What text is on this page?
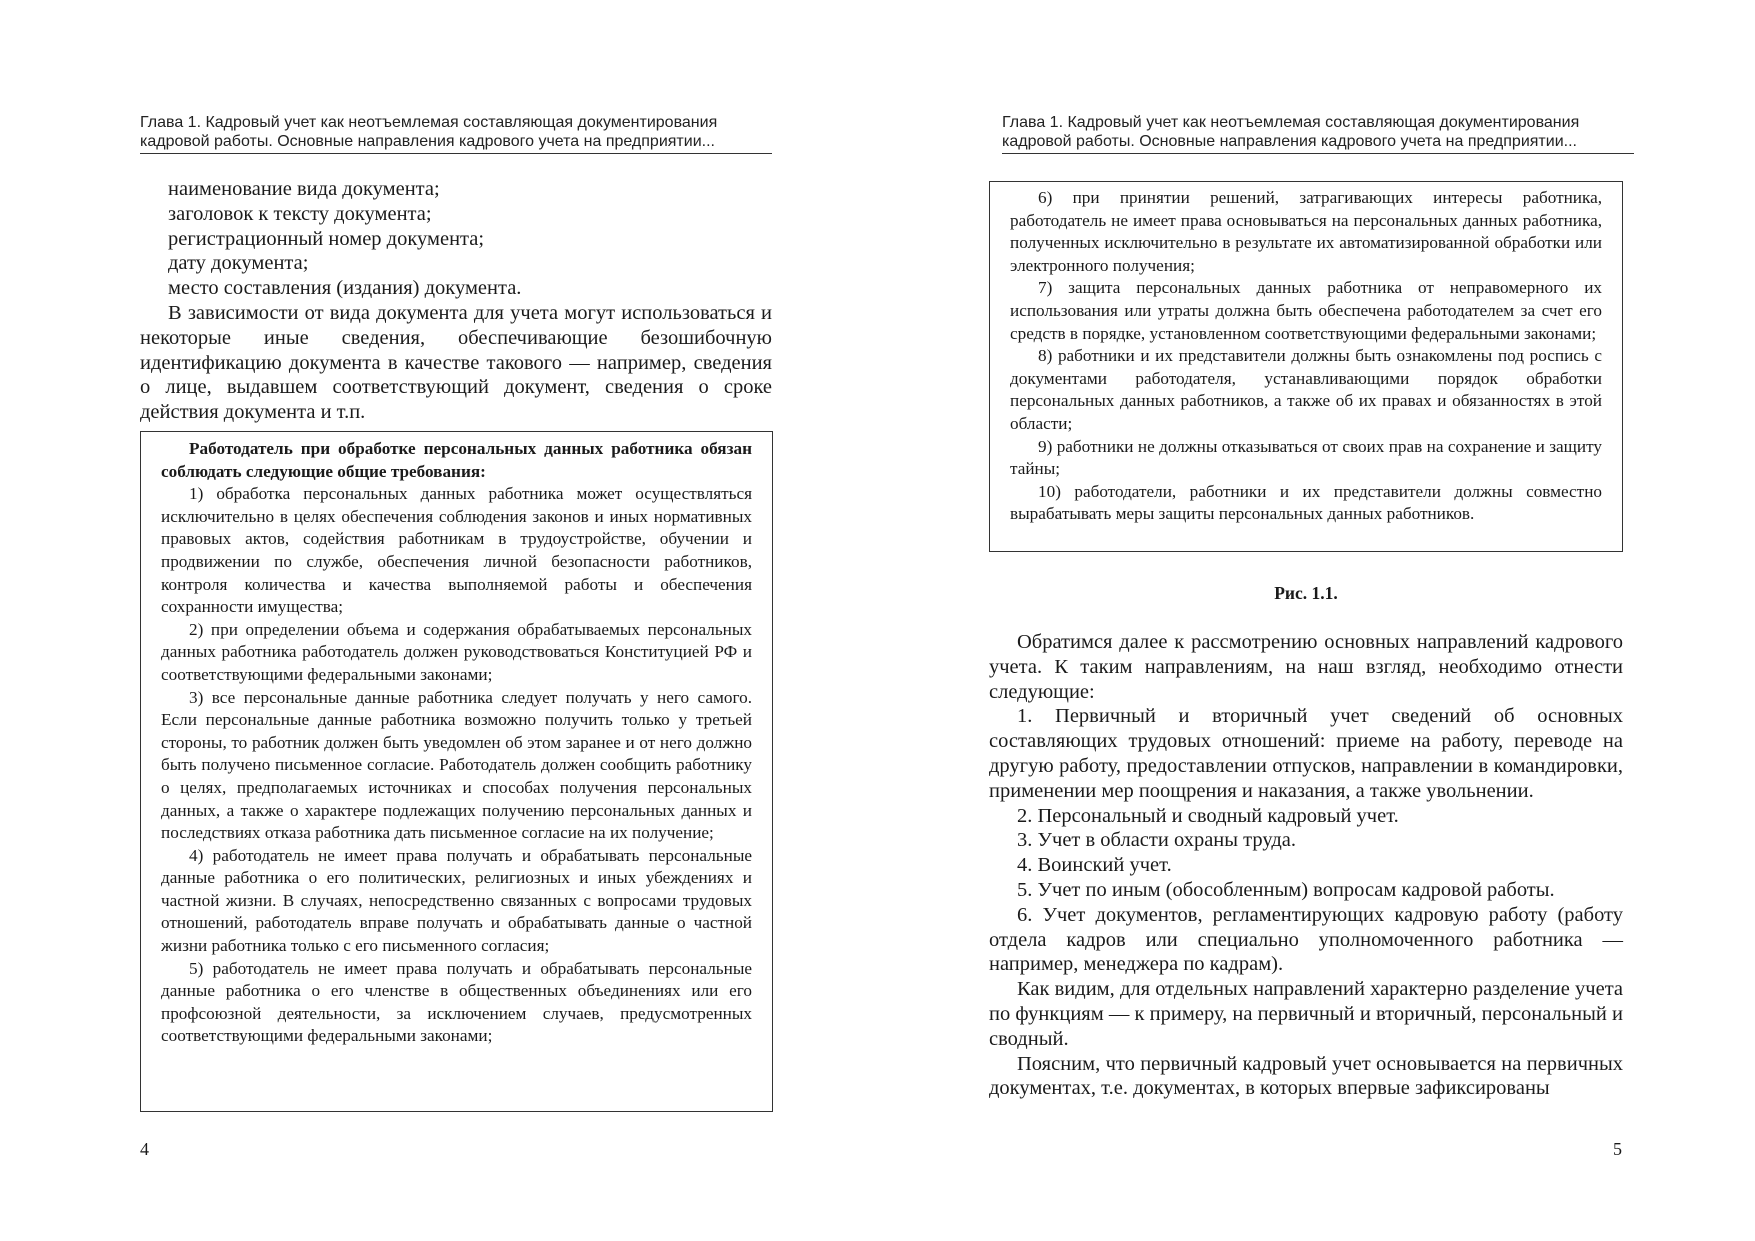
Глава 1. Кадровый учет как неотъемлемая составляющая документирования
кадровой работы. Основные направления кадрового учета на предприятии...

наименование вида документа;

заголовок к тексту документа;

регистрационный номер документа;

дату документа;

место составления (издания) документа.

В зависимости от вида документа для учета могут использоваться и некоторые иные сведения, обеспечивающие безошибочную идентификацию документа в качестве такового — например, сведения о лице, выдавшем соответствующий документ, сведения о сроке действия документа и т.п.

Работодатель при обработке персональных данных работника обязан соблюдать следующие общие требования:

1) обработка персональных данных работника может осуществляться исключительно в целях обеспечения соблюдения законов и иных нормативных правовых актов, содействия работникам в трудоустройстве, обучении и продвижении по службе, обеспечения личной безопасности работников, контроля количества и качества выполняемой работы и обеспечения сохранности имущества;

2) при определении объема и содержания обрабатываемых персональных данных работника работодатель должен руководствоваться Конституцией РФ и соответствующими федеральными законами;

3) все персональные данные работника следует получать у него самого. Если персональные данные работника возможно получить только у третьей стороны, то работник должен быть уведомлен об этом заранее и от него должно быть получено письменное согласие. Работодатель должен сообщить работнику о целях, предполагаемых источниках и способах получения персональных данных, а также о характере подлежащих получению персональных данных и последствиях отказа работника дать письменное согласие на их получение;

4) работодатель не имеет права получать и обрабатывать персональные данные работника о его политических, религиозных и иных убеждениях и частной жизни. В случаях, непосредственно связанных с вопросами трудовых отношений, работодатель вправе получать и обрабатывать данные о частной жизни работника только с его письменного согласия;

5) работодатель не имеет права получать и обрабатывать персональные данные работника о его членстве в общественных объединениях или его профсоюзной деятельности, за исключением случаев, предусмотренных соответствующими федеральными законами;

4
Глава 1. Кадровый учет как неотъемлемая составляющая документирования
кадровой работы. Основные направления кадрового учета на предприятии...

6) при принятии решений, затрагивающих интересы работника, работодатель не имеет права основываться на персональных данных работника, полученных исключительно в результате их автоматизированной обработки или электронного получения;

7) защита персональных данных работника от неправомерного их использования или утраты должна быть обеспечена работодателем за счет его средств в порядке, установленном соответствующими федеральными законами;

8) работники и их представители должны быть ознакомлены под роспись с документами работодателя, устанавливающими порядок обработки персональных данных работников, а также об их правах и обязанностях в этой области;

9) работники не должны отказываться от своих прав на сохранение и защиту тайны;

10) работодатели, работники и их представители должны совместно вырабатывать меры защиты персональных данных работников.

Рис. 1.1.

Обратимся далее к рассмотрению основных направлений кадрового учета. К таким направлениям, на наш взгляд, необходимо отнести следующие:

1. Первичный и вторичный учет сведений об основных составляющих трудовых отношений: приеме на работу, переводе на другую работу, предоставлении отпусков, направлении в командировки, применении мер поощрения и наказания, а также увольнении.

2. Персональный и сводный кадровый учет.

3. Учет в области охраны труда.

4. Воинский учет.

5. Учет по иным (обособленным) вопросам кадровой работы.

6. Учет документов, регламентирующих кадровую работу (работу отдела кадров или специально уполномоченного работника — например, менеджера по кадрам).

Как видим, для отдельных направлений характерно разделение учета по функциям — к примеру, на первичный и вторичный, персональный и сводный.

Поясним, что первичный кадровый учет основывается на первичных документах, т.е. документах, в которых впервые зафиксированы

5
